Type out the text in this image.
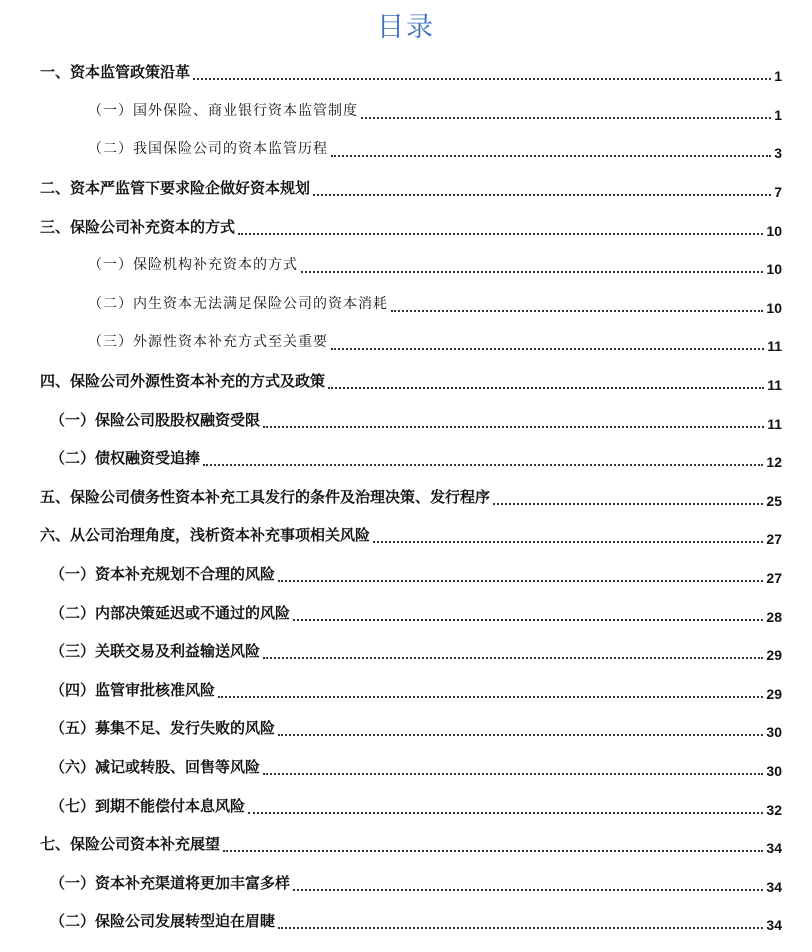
目录
一、资本监管政策沿革	1
（一）国外保险、商业银行资本监管制度	1
（二）我国保险公司的资本监管历程	3
二、资本严监管下要求险企做好资本规划	7
三、保险公司补充资本的方式	10
（一）保险机构补充资本的方式	10
（二）内生资本无法满足保险公司的资本消耗	10
（三）外源性资本补充方式至关重要	11
四、保险公司外源性资本补充的方式及政策	11
（一）保险公司股股权融资受限	11
（二）债权融资受追捧	12
五、保险公司债务性资本补充工具发行的条件及治理决策、发行程序	25
六、从公司治理角度，浅析资本补充事项相关风险	27
（一）资本补充规划不合理的风险	27
（二）内部决策延迟或不通过的风险	28
（三）关联交易及利益输送风险	29
（四）监管审批核准风险	29
（五）募集不足、发行失败的风险	30
（六）减记或转股、回售等风险	30
（七）到期不能偿付本息风险	32
七、保险公司资本补充展望	34
（一）资本补充渠道将更加丰富多样	34
（二）保险公司发展转型迫在眉睫	34
